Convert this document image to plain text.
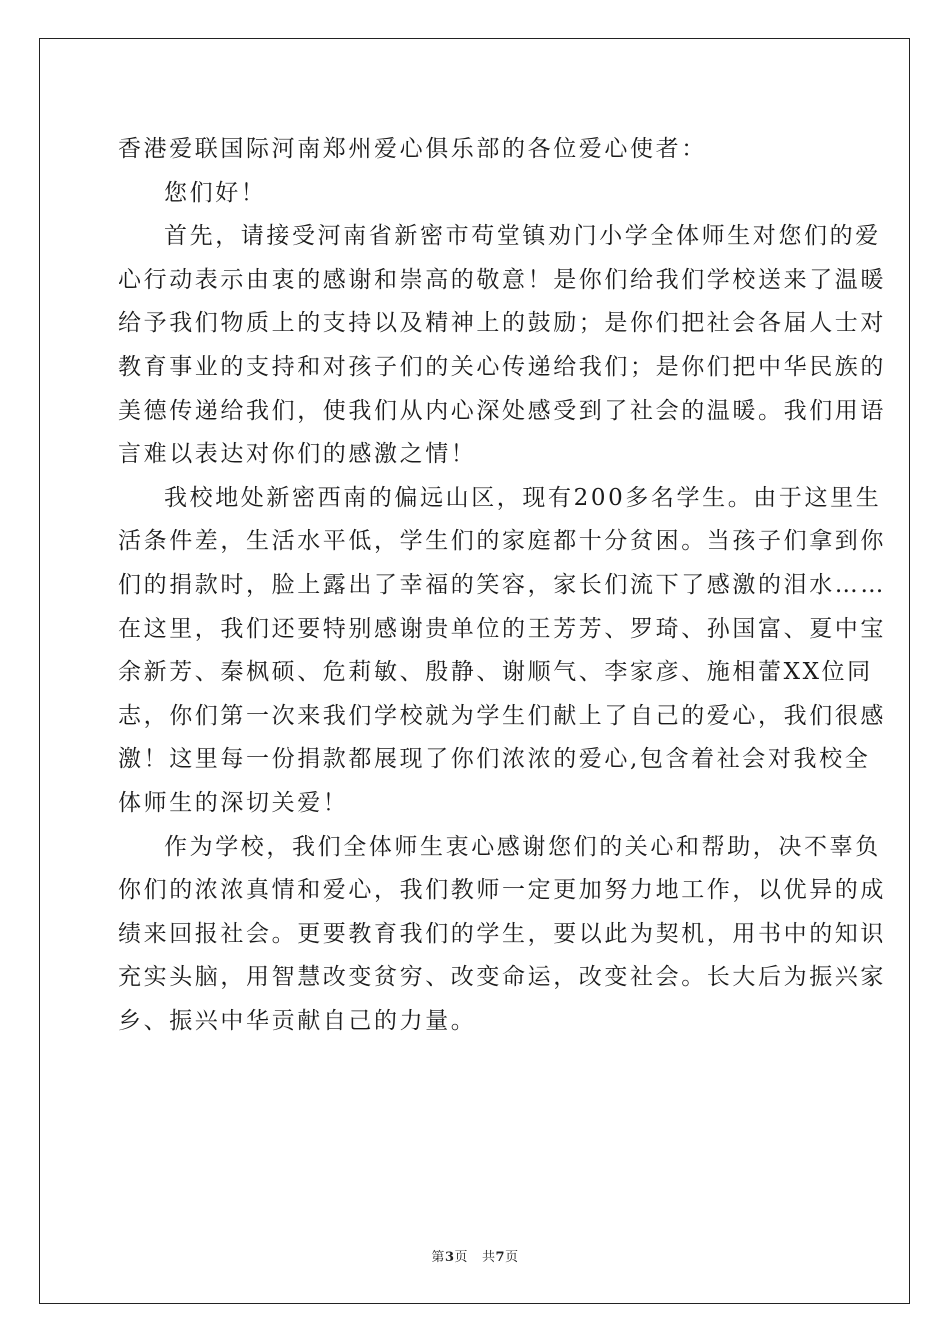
香港爱联国际河南郑州爱心俱乐部的各位爱心使者：
您们好！
首先，请接受河南省新密市苟堂镇劝门小学全体师生对您们的爱
心行动表示由衷的感谢和崇高的敬意！是你们给我们学校送来了温暖
给予我们物质上的支持以及精神上的鼓励；是你们把社会各届人士对
教育事业的支持和对孩子们的关心传递给我们；是你们把中华民族的
美德传递给我们，使我们从内心深处感受到了社会的温暖。我们用语
言难以表达对你们的感激之情！
我校地处新密西南的偏远山区，现有200多名学生。由于这里生
活条件差，生活水平低，学生们的家庭都十分贫困。当孩子们拿到你
们的捐款时，脸上露出了幸福的笑容，家长们流下了感激的泪水……
在这里，我们还要特别感谢贵单位的王芳芳、罗琦、孙国富、夏中宝
余新芳、秦枫硕、危莉敏、殷静、谢顺气、李家彦、施相蕾XX位同
志，你们第一次来我们学校就为学生们献上了自己的爱心，我们很感
激！这里每一份捐款都展现了你们浓浓的爱心,包含着社会对我校全
体师生的深切关爱！
作为学校，我们全体师生衷心感谢您们的关心和帮助，决不辜负
你们的浓浓真情和爱心，我们教师一定更加努力地工作，以优异的成
绩来回报社会。更要教育我们的学生，要以此为契机，用书中的知识
充实头脑，用智慧改变贫穷、改变命运，改变社会。长大后为振兴家
乡、振兴中华贡献自己的力量。
第3页 共7页
